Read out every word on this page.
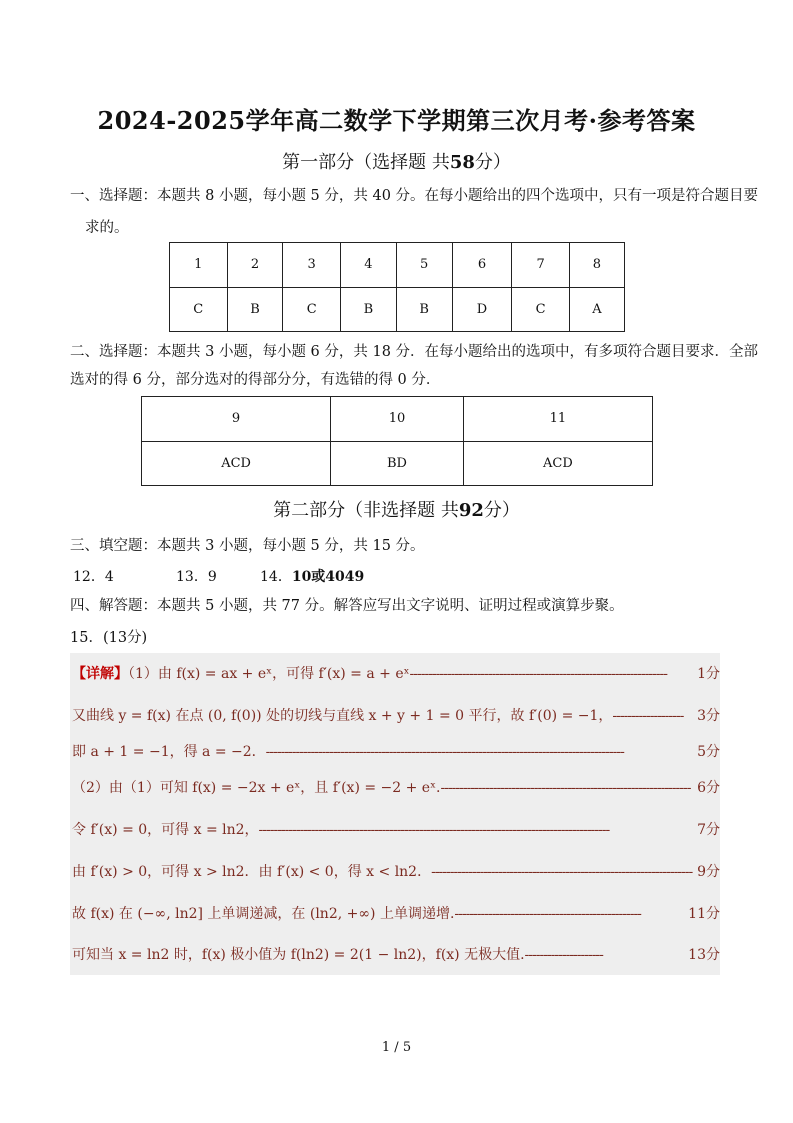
2024-2025学年高二数学下学期第三次月考·参考答案
第一部分（选择题 共58分）
一、选择题：本题共 8 小题，每小题 5 分，共 40 分。在每小题给出的四个选项中，只有一项是符合题目要
求的。
1	2	3	4	5	6	7	8
C	B	C	B	B	D	C	A
二、选择题：本题共 3 小题，每小题 6 分，共 18 分．在每小题给出的选项中，有多项符合题目要求．全部
选对的得 6 分，部分选对的得部分分，有选错的得 0 分．
9	10	11
ACD	BD	ACD
第二部分（非选择题 共92分）
三、填空题：本题共 3 小题，每小题 5 分，共 15 分。
12．4	13．9	14．10或4049
四、解答题：本题共 5 小题，共 77 分。解答应写出文字说明、证明过程或演算步聚。
15．(13分)
【详解】（1）由 f(x) = ax + eˣ，可得 f′(x) = a + eˣ--------------------------------------------------------------------- 1分
又曲线 y = f(x) 在点 (0, f(0)) 处的切线与直线 x + y + 1 = 0 平行，故 f′(0) = −1，------------------- 3分
即 a + 1 = −1，得 a = −2．------------------------------------------------------------------------------------------------	5分
（2）由（1）可知 f(x) = −2x + eˣ，且 f′(x) = −2 + eˣ.------------------------------------------------------------------- 6分
令 f′(x) = 0，可得 x = ln2，----------------------------------------------------------------------------------------------	7分
由 f′(x) > 0，可得 x > ln2．由 f′(x) < 0，得 x < ln2．---------------------------------------------------------------------- 9分
故 f(x) 在 (−∞, ln2] 上单调递减，在 (ln2, +∞) 上单调递增.--------------------------------------------------	11分
可知当 x = ln2 时，f(x) 极小值为 f(ln2) = 2(1 − ln2)，f(x) 无极大值.---------------------	13分
1 / 5
